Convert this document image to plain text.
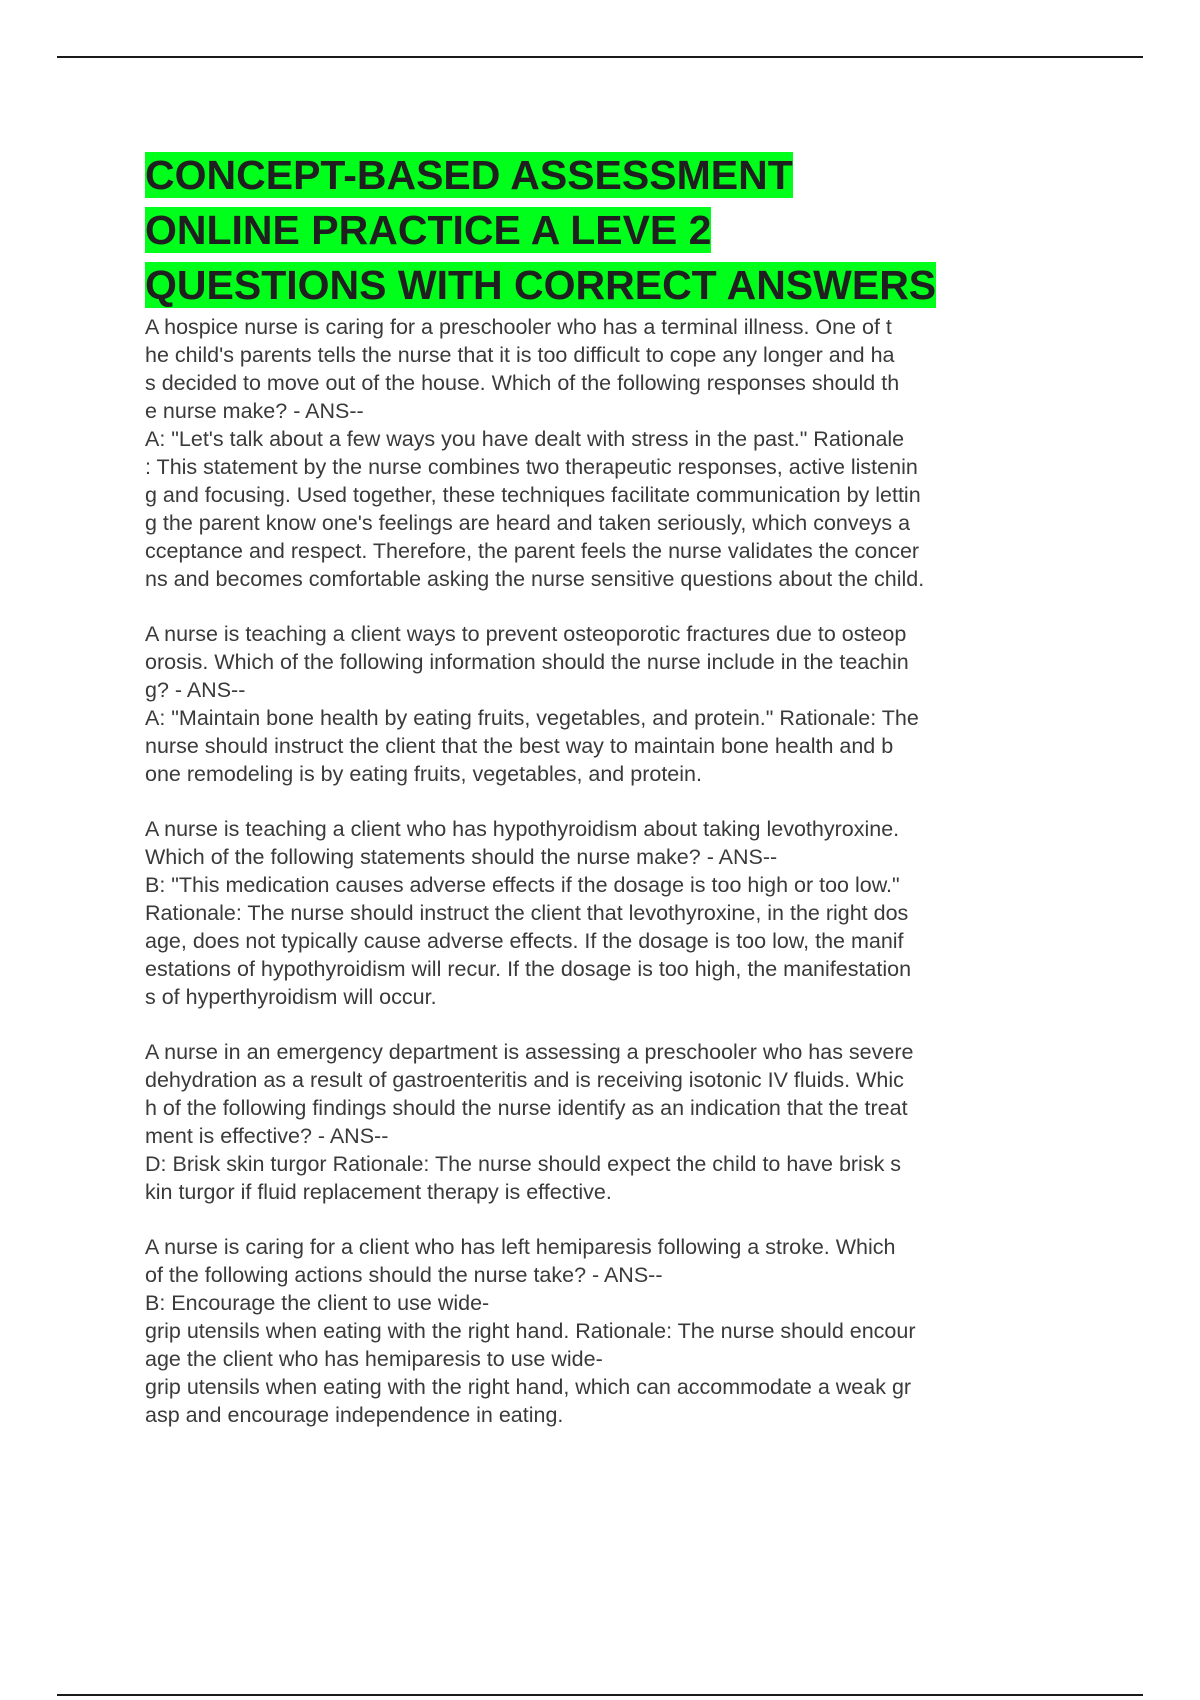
CONCEPT-BASED ASSESSMENT
ONLINE PRACTICE A LEVE 2
QUESTIONS WITH CORRECT ANSWERS
A hospice nurse is caring for a preschooler who has a terminal illness. One of t
he child's parents tells the nurse that it is too difficult to cope any longer and ha
s decided to move out of the house. Which of the following responses should th
e nurse make? - ANS--
A: "Let's talk about a few ways you have dealt with stress in the past." Rationale
: This statement by the nurse combines two therapeutic responses, active listenin
g and focusing. Used together, these techniques facilitate communication by lettin
g the parent know one's feelings are heard and taken seriously, which conveys a
cceptance and respect. Therefore, the parent feels the nurse validates the concer
ns and becomes comfortable asking the nurse sensitive questions about the child.
A nurse is teaching a client ways to prevent osteoporotic fractures due to osteop
orosis. Which of the following information should the nurse include in the teachin
g? - ANS--
A: "Maintain bone health by eating fruits, vegetables, and protein." Rationale: The
nurse should instruct the client that the best way to maintain bone health and b
one remodeling is by eating fruits, vegetables, and protein.
A nurse is teaching a client who has hypothyroidism about taking levothyroxine.
Which of the following statements should the nurse make? - ANS--
B: "This medication causes adverse effects if the dosage is too high or too low."
Rationale: The nurse should instruct the client that levothyroxine, in the right dos
age, does not typically cause adverse effects. If the dosage is too low, the manif
estations of hypothyroidism will recur. If the dosage is too high, the manifestation
s of hyperthyroidism will occur.
A nurse in an emergency department is assessing a preschooler who has severe
dehydration as a result of gastroenteritis and is receiving isotonic IV fluids. Whic
h of the following findings should the nurse identify as an indication that the treat
ment is effective? - ANS--
D: Brisk skin turgor Rationale: The nurse should expect the child to have brisk s
kin turgor if fluid replacement therapy is effective.
A nurse is caring for a client who has left hemiparesis following a stroke. Which
of the following actions should the nurse take? - ANS--
B: Encourage the client to use wide-
grip utensils when eating with the right hand. Rationale: The nurse should encour
age the client who has hemiparesis to use wide-
grip utensils when eating with the right hand, which can accommodate a weak gr
asp and encourage independence in eating.
